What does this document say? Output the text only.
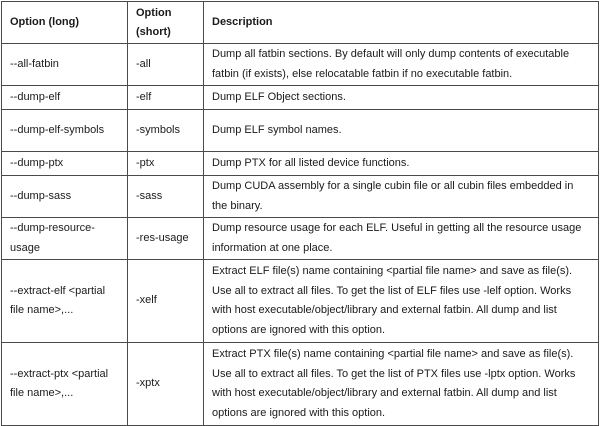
Option (long)	Option (short)	Description
--all-fatbin	-all	Dump all fatbin sections. By default will only dump contents of executable fatbin (if exists), else relocatable fatbin if no executable fatbin.
--dump-elf	-elf	Dump ELF Object sections.
--dump-elf-symbols	-symbols	Dump ELF symbol names.
--dump-ptx	-ptx	Dump PTX for all listed device functions.
--dump-sass	-sass	Dump CUDA assembly for a single cubin file or all cubin files embedded in the binary.
--dump-resource-usage	-res-usage	Dump resource usage for each ELF. Useful in getting all the resource usage information at one place.
--extract-elf <partial file name>,...	-xelf	Extract ELF file(s) name containing <partial file name> and save as file(s). Use all to extract all files. To get the list of ELF files use -lelf option. Works with host executable/object/library and external fatbin. All dump and list options are ignored with this option.
--extract-ptx <partial file name>,...	-xptx	Extract PTX file(s) name containing <partial file name> and save as file(s). Use all to extract all files. To get the list of PTX files use -lptx option. Works with host executable/object/library and external fatbin. All dump and list options are ignored with this option.
